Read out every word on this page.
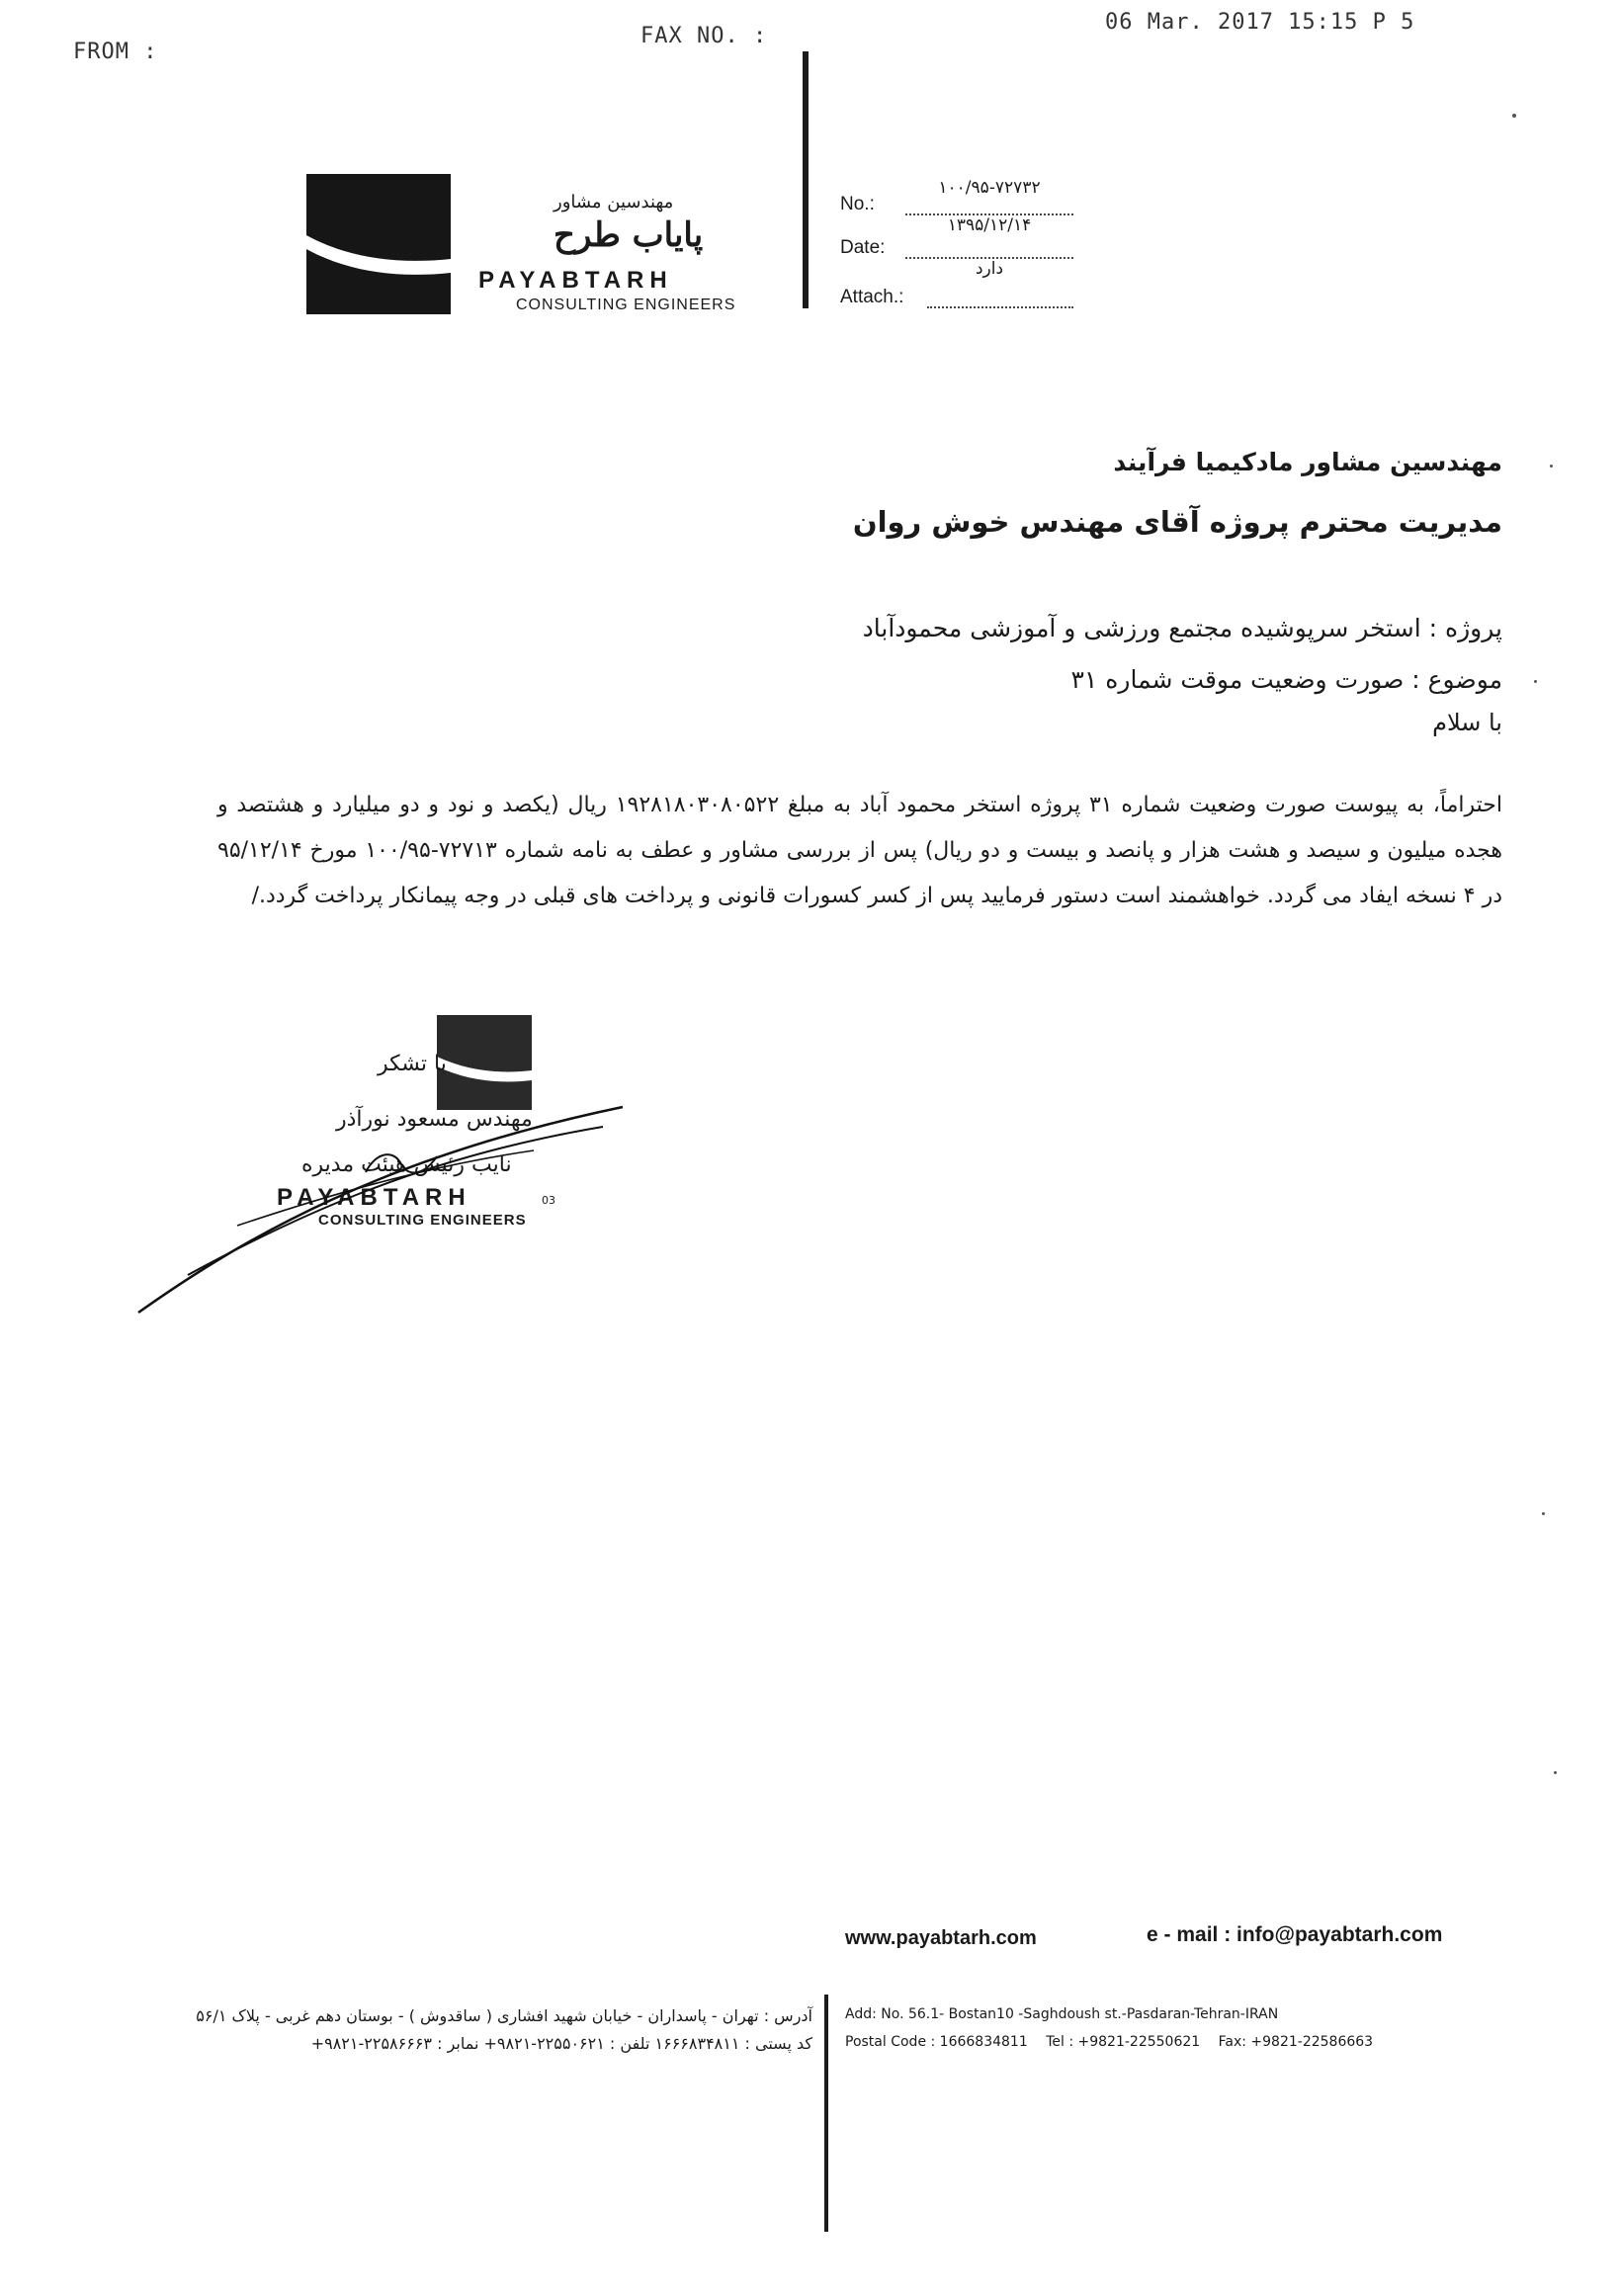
FROM :
FAX NO. :
06 Mar. 2017 15:15 P 5
مهندسین مشاور
پایاب طرح
PAYABTARH
CONSULTING ENGINEERS
No.:
۱۰۰/۹۵-۷۲۷۳۲
Date:
۱۳۹۵/۱۲/۱۴
Attach.:
دارد
مهندسین مشاور مادکیمیا فرآیند
مدیریت محترم پروژه آقای مهندس خوش روان
پروژه : استخر سرپوشیده مجتمع ورزشی و آموزشی محمودآباد
موضوع : صورت وضعیت موقت شماره ۳۱
با سلام
احتراماً، به پیوست صورت وضعیت شماره ۳۱ پروژه استخر محمود آباد به مبلغ ۱۹۲۸۱۸۰۳۰۸۰۵۲۲ ریال (یکصد و نود و دو میلیارد و هشتصد و هجده میلیون و سیصد و هشت هزار و پانصد و بیست و دو ریال) پس از بررسی مشاور و عطف به نامه شماره ۷۲۷۱۳-۱۰۰/۹۵ مورخ ۹۵/۱۲/۱۴ در ۴ نسخه ایفاد می گردد. خواهشمند است دستور فرمایید پس از کسر کسورات قانونی و پرداخت های قبلی در وجه پیمانکار پرداخت گردد./
با تشکر
مهندس مسعود نورآذر
نایب رئیس هیئت مدیره
PAYABTARH	03
CONSULTING ENGINEERS
www.payabtarh.com	e - mail : info@payabtarh.com
آدرس : تهران - پاسداران - خیابان شهید افشاری ( ساقدوش ) - بوستان دهم غربی - پلاک ۵۶/۱
کد پستی : ۱۶۶۶۸۳۴۸۱۱ تلفن : ۲۲۵۵۰۶۲۱-۹۸۲۱+ نمابر : ۲۲۵۸۶۶۶۳-۹۸۲۱+
Add: No. 56.1- Bostan10 -Saghdoush st.-Pasdaran-Tehran-IRAN
Postal Code : 1666834811 Tel : +9821-22550621 Fax: +9821-22586663
